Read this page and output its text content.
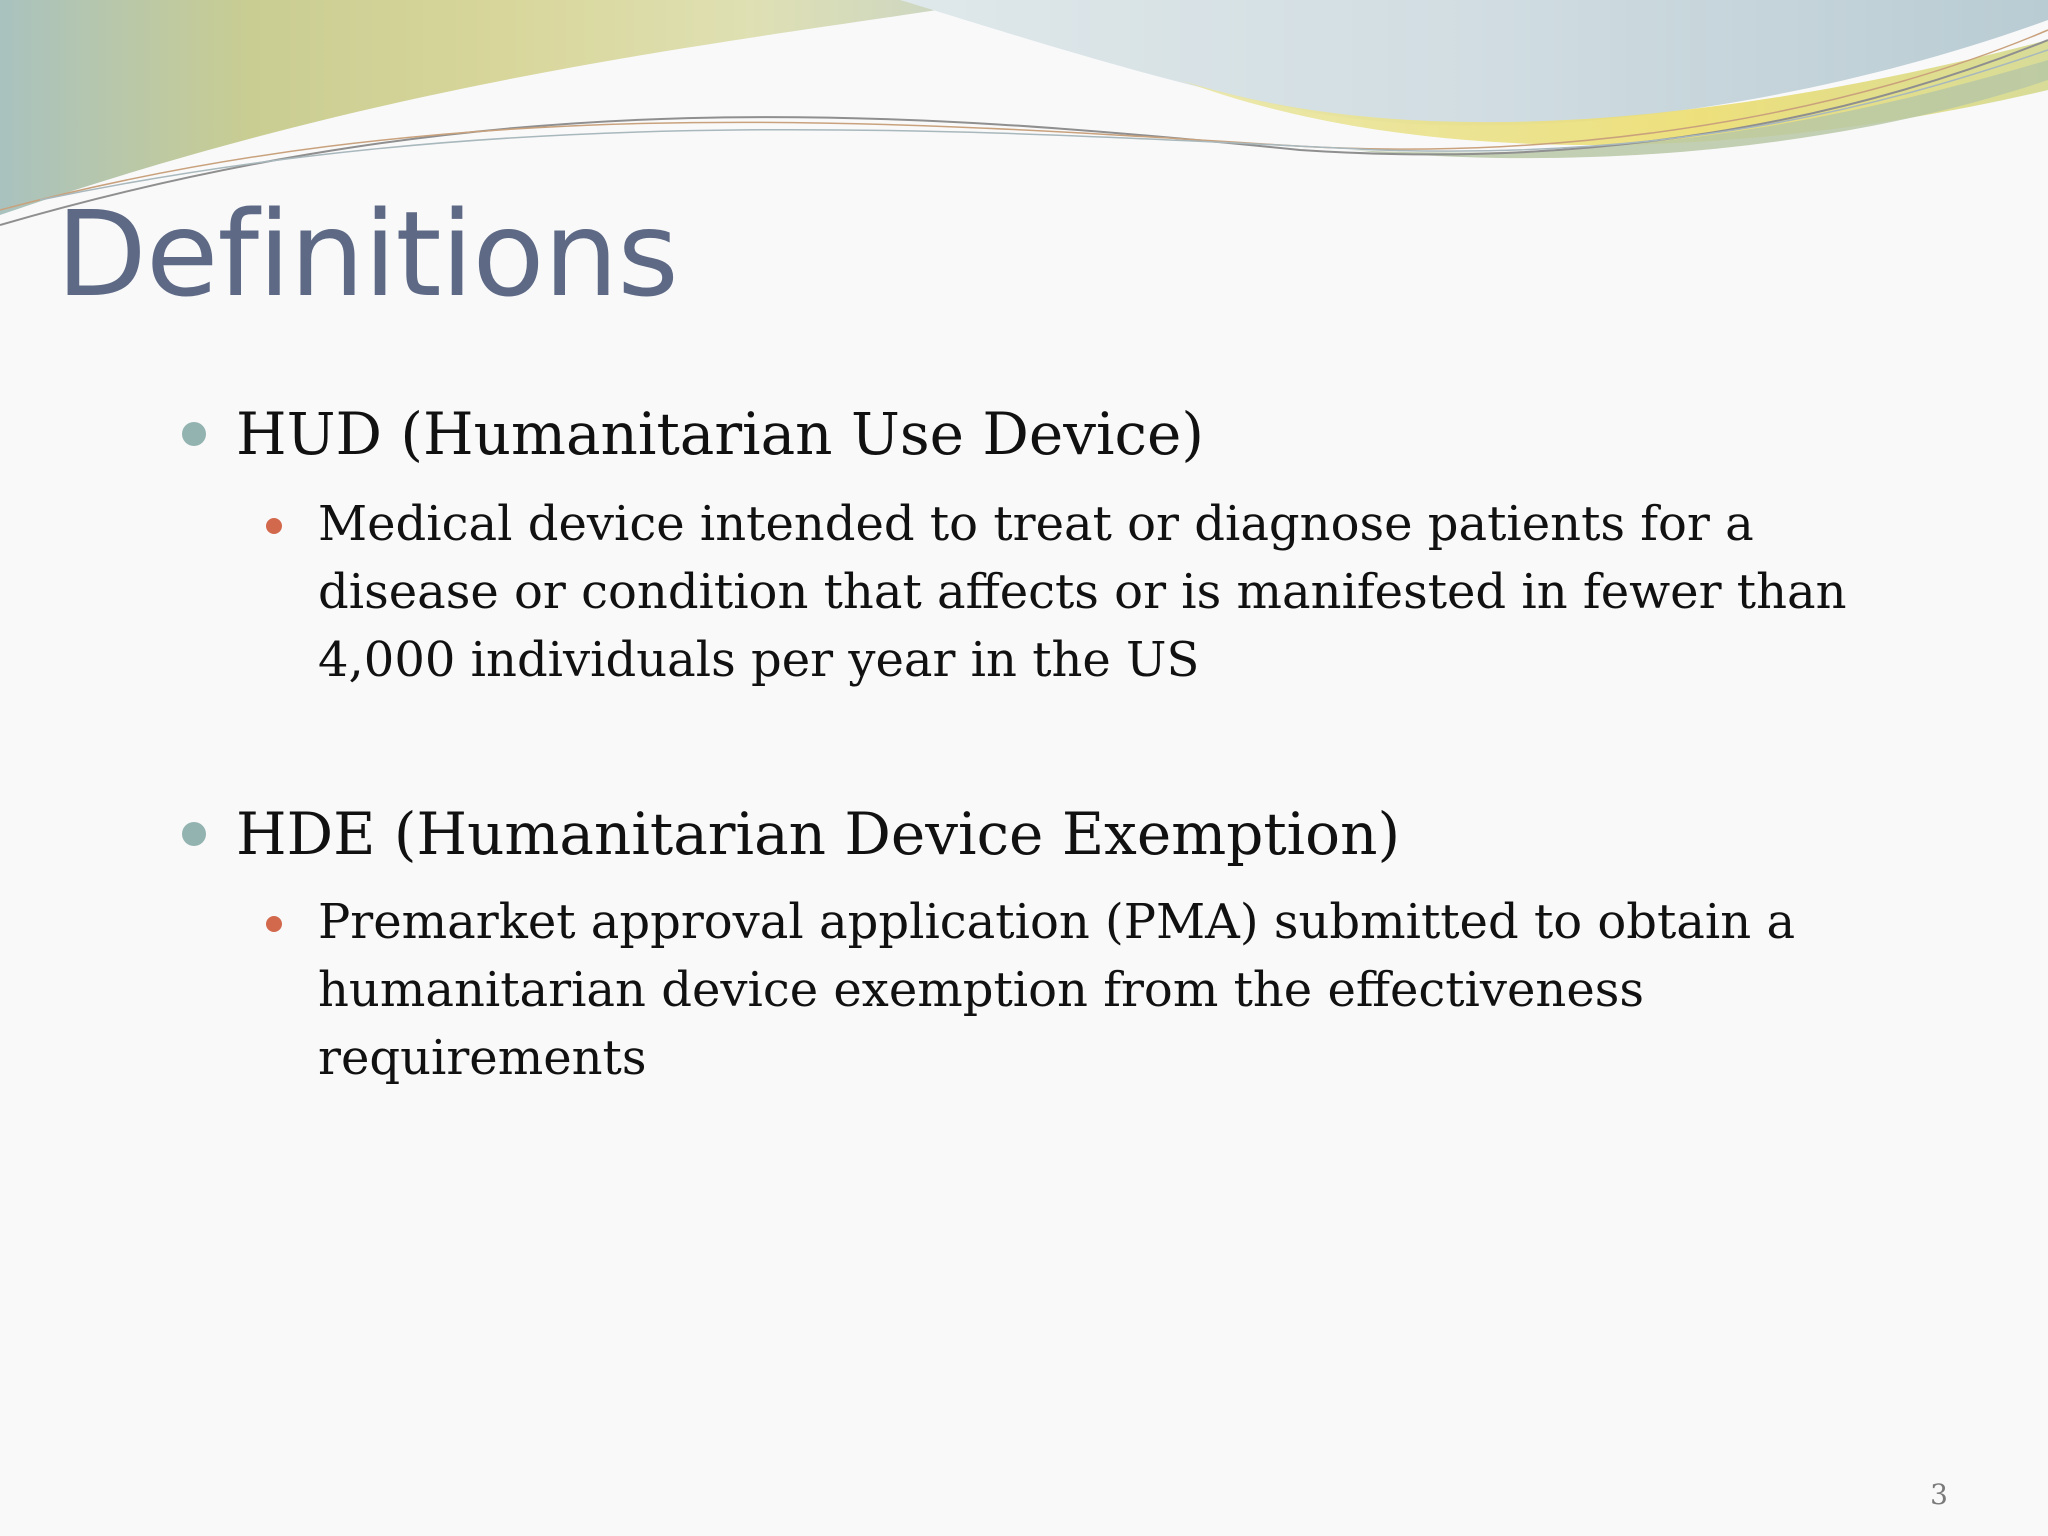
Definitions
HUD (Humanitarian Use Device)
Medical device intended to treat or diagnose patients for a disease or condition that affects or is manifested in fewer than 4,000 individuals per year in the US
HDE (Humanitarian Device Exemption)
Premarket approval application (PMA) submitted to obtain a humanitarian device exemption from the effectiveness requirements
3
